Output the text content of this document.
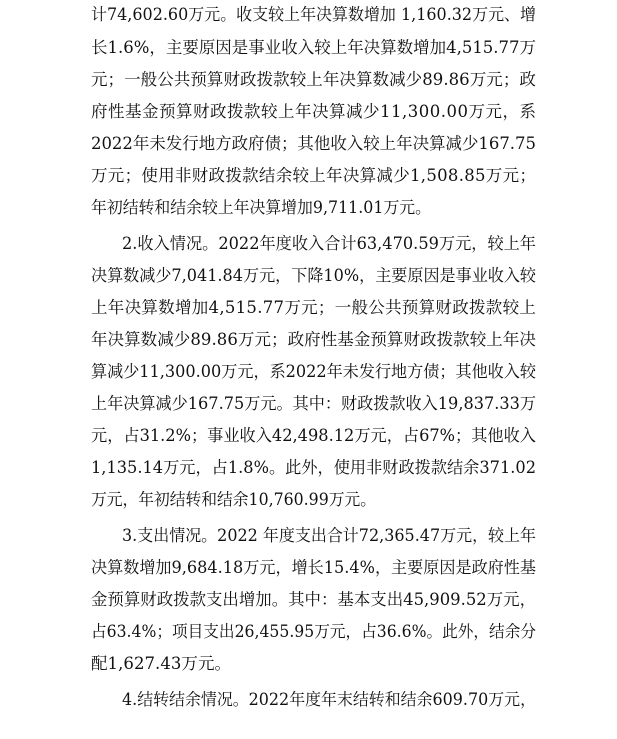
计74,602.60万元。收支较上年决算数增加 1,160.32万元、增
长1.6%，主要原因是事业收入较上年决算数增加4,515.77万
元；一般公共预算财政拨款较上年决算数减少89.86万元；政
府性基金预算财政拨款较上年决算减少11,300.00万元，系
2022年未发行地方政府债；其他收入较上年决算减少167.75
万元；使用非财政拨款结余较上年决算减少1,508.85万元；
年初结转和结余较上年决算增加9,711.01万元。
2.收入情况。2022年度收入合计63,470.59万元，较上年
决算数减少7,041.84万元，下降10%，主要原因是事业收入较
上年决算数增加4,515.77万元；一般公共预算财政拨款较上
年决算数减少89.86万元；政府性基金预算财政拨款较上年决
算减少11,300.00万元，系2022年未发行地方债；其他收入较
上年决算减少167.75万元。其中：财政拨款收入19,837.33万
元，占31.2%；事业收入42,498.12万元，占67%；其他收入
1,135.14万元，占1.8%。此外，使用非财政拨款结余371.02
万元，年初结转和结余10,760.99万元。
3.支出情况。2022 年度支出合计72,365.47万元，较上年
决算数增加9,684.18万元，增长15.4%，主要原因是政府性基
金预算财政拨款支出增加。其中：基本支出45,909.52万元，
占63.4%；项目支出26,455.95万元，占36.6%。此外，结余分
配1,627.43万元。
4.结转结余情况。2022年度年末结转和结余609.70万元，
